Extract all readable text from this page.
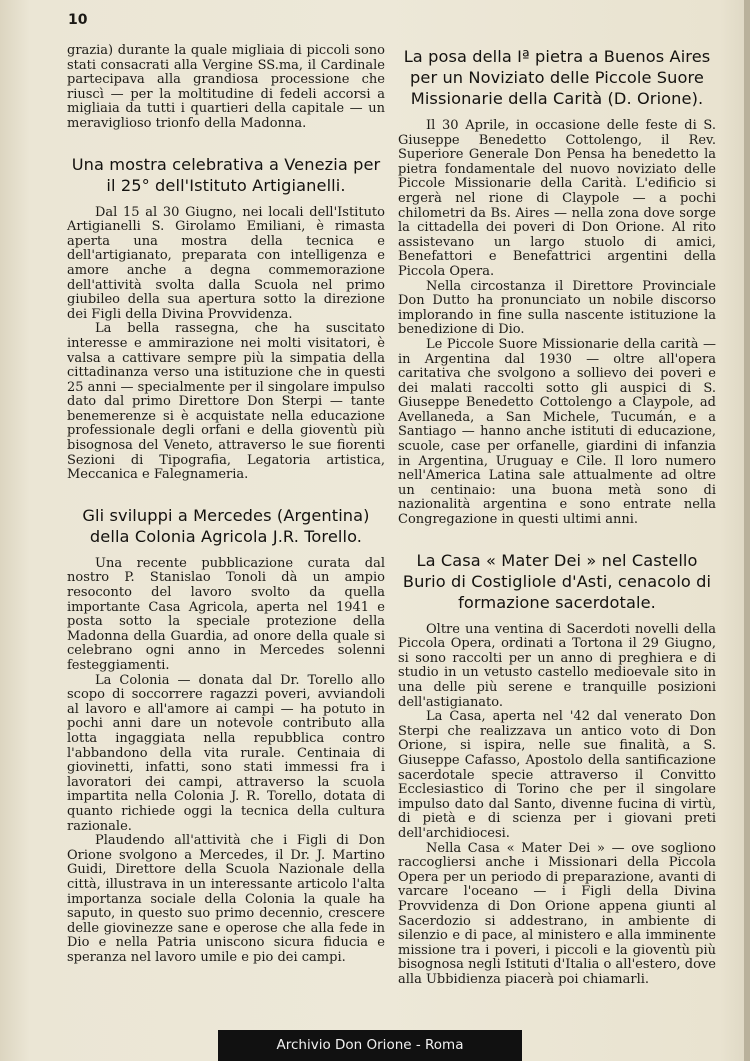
10

grazia) durante la quale migliaia di piccoli sono stati consacrati alla Vergine SS.ma, il Cardinale partecipava alla grandiosa processione che riuscì — per la moltitudine di fedeli accorsi a migliaia da tutti i quartieri della capitale — un meraviglioso trionfo della Madonna.

Una mostra celebrativa a Venezia per il 25° dell'Istituto Artigianelli.

Dal 15 al 30 Giugno, nei locali dell'Istituto Artigianelli S. Girolamo Emiliani, è rimasta aperta una mostra della tecnica e dell'artigianato, preparata con intelligenza e amore anche a degna commemorazione dell'attività svolta dalla Scuola nel primo giubileo della sua apertura sotto la direzione dei Figli della Divina Provvidenza.

La bella rassegna, che ha suscitato interesse e ammirazione nei molti visitatori, è valsa a cattivare sempre più la simpatia della cittadinanza verso una istituzione che in questi 25 anni — specialmente per il singolare impulso dato dal primo Direttore Don Sterpi — tante benemerenze si è acquistate nella educazione professionale degli orfani e della gioventù più bisognosa del Veneto, attraverso le sue fiorenti Sezioni di Tipografia, Legatoria artistica, Meccanica e Falegnameria.

Gli sviluppi a Mercedes (Argentina) della Colonia Agricola J.R. Torello.

Una recente pubblicazione curata dal nostro P. Stanislao Tonoli dà un ampio resoconto del lavoro svolto da quella importante Casa Agricola, aperta nel 1941 e posta sotto la speciale protezione della Madonna della Guardia, ad onore della quale si celebrano ogni anno in Mercedes solenni festeggiamenti.

La Colonia — donata dal Dr. Torello allo scopo di soccorrere ragazzi poveri, avviandoli al lavoro e all'amore ai campi — ha potuto in pochi anni dare un notevole contributo alla lotta ingaggiata nella repubblica contro l'abbandono della vita rurale. Centinaia di giovinetti, infatti, sono stati immessi fra i lavoratori dei campi, attraverso la scuola impartita nella Colonia J. R. Torello, dotata di quanto richiede oggi la tecnica della cultura razionale.

Plaudendo all'attività che i Figli di Don Orione svolgono a Mercedes, il Dr. J. Martino Guidi, Direttore della Scuola Nazionale della città, illustrava in un interessante articolo l'alta importanza sociale della Colonia la quale ha saputo, in questo suo primo decennio, crescere delle giovinezze sane e operose che alla fede in Dio e nella Patria uniscono sicura fiducia e speranza nel lavoro umile e pio dei campi.

La posa della Iª pietra a Buenos Aires per un Noviziato delle Piccole Suore Missionarie della Carità (D. Orione).

Il 30 Aprile, in occasione delle feste di S. Giuseppe Benedetto Cottolengo, il Rev. Superiore Generale Don Pensa ha benedetto la pietra fondamentale del nuovo noviziato delle Piccole Missionarie della Carità. L'edificio si ergerà nel rione di Claypole — a pochi chilometri da Bs. Aires — nella zona dove sorge la cittadella dei poveri di Don Orione. Al rito assistevano un largo stuolo di amici, Benefattori e Benefattrici argentini della Piccola Opera.

Nella circostanza il Direttore Provinciale Don Dutto ha pronunciato un nobile discorso implorando in fine sulla nascente istituzione la benedizione di Dio.

Le Piccole Suore Missionarie della carità — in Argentina dal 1930 — oltre all'opera caritativa che svolgono a sollievo dei poveri e dei malati raccolti sotto gli auspici di S. Giuseppe Benedetto Cottolengo a Claypole, ad Avellaneda, a San Michele, Tucumán, e a Santiago — hanno anche istituti di educazione, scuole, case per orfanelle, giardini di infanzia in Argentina, Uruguay e Cile. Il loro numero nell'America Latina sale attualmente ad oltre un centinaio: una buona metà sono di nazionalità argentina e sono entrate nella Congregazione in questi ultimi anni.

La Casa « Mater Dei » nel Castello Burio di Costigliole d'Asti, cenacolo di formazione sacerdotale.

Oltre una ventina di Sacerdoti novelli della Piccola Opera, ordinati a Tortona il 29 Giugno, si sono raccolti per un anno di preghiera e di studio in un vetusto castello medioevale sito in una delle più serene e tranquille posizioni dell'astigianato.

La Casa, aperta nel '42 dal venerato Don Sterpi che realizzava un antico voto di Don Orione, si ispira, nelle sue finalità, a S. Giuseppe Cafasso, Apostolo della santificazione sacerdotale specie attraverso il Convitto Ecclesiastico di Torino che per il singolare impulso dato dal Santo, divenne fucina di virtù, di pietà e di scienza per i giovani preti dell'archidiocesi.

Nella Casa « Mater Dei » — ove sogliono raccogliersi anche i Missionari della Piccola Opera per un periodo di preparazione, avanti di varcare l'oceano — i Figli della Divina Provvidenza di Don Orione appena giunti al Sacerdozio si addestrano, in ambiente di silenzio e di pace, al ministero e alla imminente missione tra i poveri, i piccoli e la gioventù più bisognosa negli Istituti d'Italia o all'estero, dove alla Ubbidienza piacerà poi chiamarli.

Archivio Don Orione - Roma
